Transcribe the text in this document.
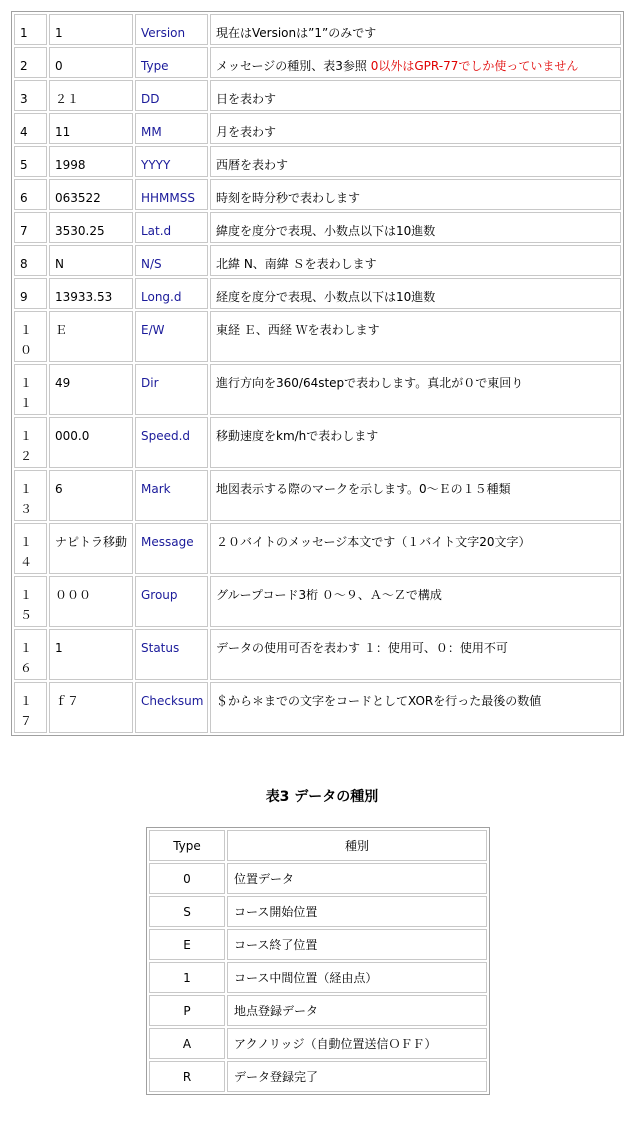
1	1	Version	現在はVersionは”1”のみです
2	0	Type	メッセージの種別、表3参照 0以外はGPR-77でしか使っていません
3	２１	DD	日を表わす
4	11	MM	月を表わす
5	1998	YYYY	西暦を表わす
6	063522	HHMMSS	時刻を時分秒で表わします
7	3530.25	Lat.d	緯度を度分で表現、小数点以下は10進数
8	N	N/S	北緯 N、南緯 Ｓを表わします
9	13933.53	Long.d	経度を度分で表現、小数点以下は10進数
１０	Ｅ	E/W	東経 Ｅ、西経 Ｗを表わします
１１	49	Dir	進行方向を360/64stepで表わします。真北が０で東回り
１２	000.0	Speed.d	移動速度をkm/hで表わします
１３	6	Mark	地図表示する際のマークを示します。0～Ｅの１５種類
１４	ナピトラ移動	Message	２０バイトのメッセージ本文です（１バイト文字20文字）
１５	０００	Group	グループコード3桁 ０～９、Ａ～Ｚで構成
１６	1	Status	データの使用可否を表わす １：使用可、０：使用不可
１７	ｆ７	Checksum	＄から＊までの文字をコードとしてXORを行った最後の数値
表3 データの種別
Type	種別
0	位置データ
S	コース開始位置
E	コース終了位置
1	コース中間位置（経由点）
P	地点登録データ
A	アクノリッジ（自動位置送信ＯＦＦ）
R	データ登録完了
